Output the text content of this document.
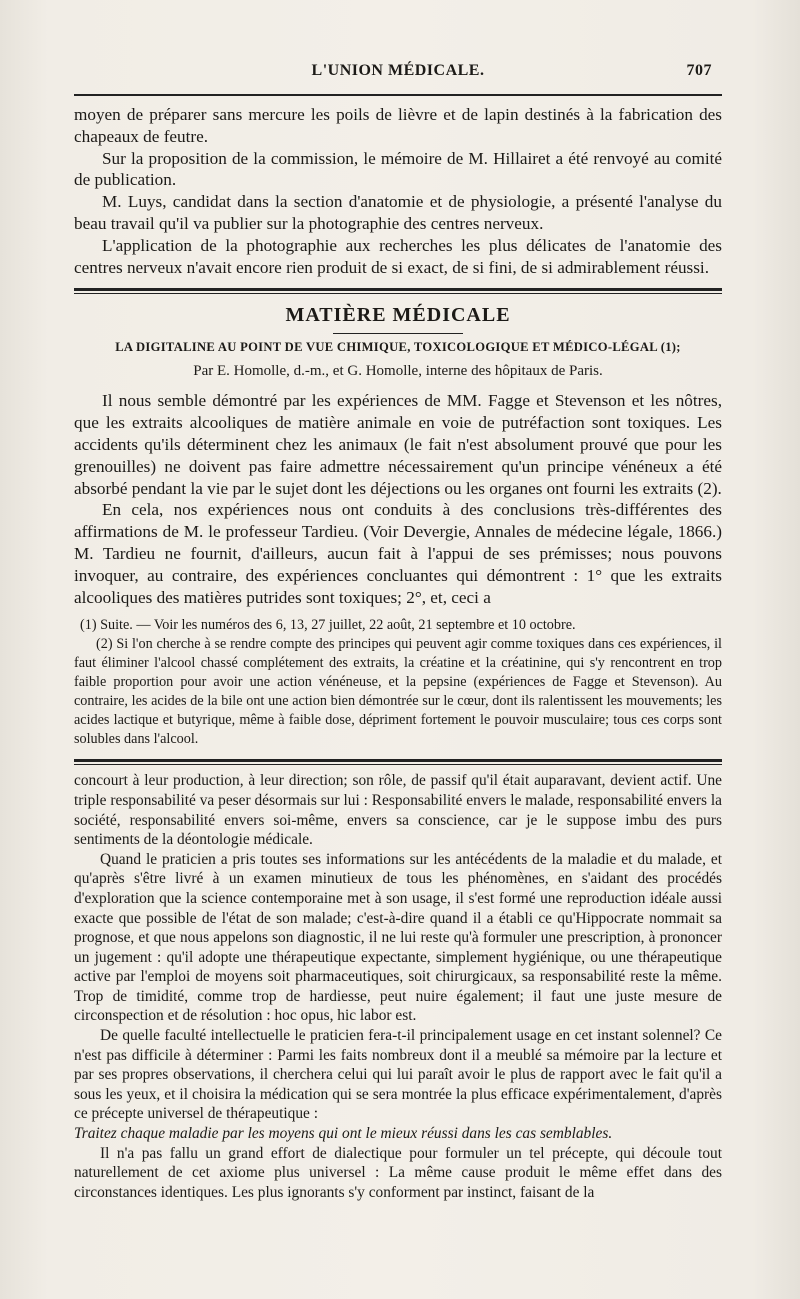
L'UNION MÉDICALE.	707

moyen de préparer sans mercure les poils de lièvre et de lapin destinés à la fabrication des chapeaux de feutre.

Sur la proposition de la commission, le mémoire de M. Hillairet a été renvoyé au comité de publication.

M. Luys, candidat dans la section d'anatomie et de physiologie, a présenté l'analyse du beau travail qu'il va publier sur la photographie des centres nerveux.

L'application de la photographie aux recherches les plus délicates de l'anatomie des centres nerveux n'avait encore rien produit de si exact, de si fini, de si admirablement réussi.

MATIÈRE MÉDICALE
LA DIGITALINE AU POINT DE VUE CHIMIQUE, TOXICOLOGIQUE ET MÉDICO-LÉGAL (1);
Par E. Homolle, d.-m., et G. Homolle, interne des hôpitaux de Paris.

Il nous semble démontré par les expériences de MM. Fagge et Stevenson et les nôtres, que les extraits alcooliques de matière animale en voie de putréfaction sont toxiques. Les accidents qu'ils déterminent chez les animaux (le fait n'est absolument prouvé que pour les grenouilles) ne doivent pas faire admettre nécessairement qu'un principe vénéneux a été absorbé pendant la vie par le sujet dont les déjections ou les organes ont fourni les extraits (2).

En cela, nos expériences nous ont conduits à des conclusions très-différentes des affirmations de M. le professeur Tardieu. (Voir Devergie, Annales de médecine légale, 1866.) M. Tardieu ne fournit, d'ailleurs, aucun fait à l'appui de ses prémisses; nous pouvons invoquer, au contraire, des expériences concluantes qui démontrent : 1° que les extraits alcooliques des matières putrides sont toxiques; 2°, et, ceci a

(1) Suite. — Voir les numéros des 6, 13, 27 juillet, 22 août, 21 septembre et 10 octobre.

(2) Si l'on cherche à se rendre compte des principes qui peuvent agir comme toxiques dans ces expériences, il faut éliminer l'alcool chassé complétement des extraits, la créatine et la créatinine, qui s'y rencontrent en trop faible proportion pour avoir une action vénéneuse, et la pepsine (expériences de Fagge et Stevenson). Au contraire, les acides de la bile ont une action bien démontrée sur le cœur, dont ils ralentissent les mouvements; les acides lactique et butyrique, même à faible dose, dépriment fortement le pouvoir musculaire; tous ces corps sont solubles dans l'alcool.

concourt à leur production, à leur direction; son rôle, de passif qu'il était auparavant, devient actif. Une triple responsabilité va peser désormais sur lui : Responsabilité envers le malade, responsabilité envers la société, responsabilité envers soi-même, envers sa conscience, car je le suppose imbu des purs sentiments de la déontologie médicale.

Quand le praticien a pris toutes ses informations sur les antécédents de la maladie et du malade, et qu'après s'être livré à un examen minutieux de tous les phénomènes, en s'aidant des procédés d'exploration que la science contemporaine met à son usage, il s'est formé une reproduction idéale aussi exacte que possible de l'état de son malade; c'est-à-dire quand il a établi ce qu'Hippocrate nommait sa prognose, et que nous appelons son diagnostic, il ne lui reste qu'à formuler une prescription, à prononcer un jugement : qu'il adopte une thérapeutique expectante, simplement hygiénique, ou une thérapeutique active par l'emploi de moyens soit pharmaceutiques, soit chirurgicaux, sa responsabilité reste la même. Trop de timidité, comme trop de hardiesse, peut nuire également; il faut une juste mesure de circonspection et de résolution : hoc opus, hic labor est.

De quelle faculté intellectuelle le praticien fera-t-il principalement usage en cet instant solennel? Ce n'est pas difficile à déterminer : Parmi les faits nombreux dont il a meublé sa mémoire par la lecture et par ses propres observations, il cherchera celui qui lui paraît avoir le plus de rapport avec le fait qu'il a sous les yeux, et il choisira la médication qui se sera montrée la plus efficace expérimentalement, d'après ce précepte universel de thérapeutique :

Traitez chaque maladie par les moyens qui ont le mieux réussi dans les cas semblables.

Il n'a pas fallu un grand effort de dialectique pour formuler un tel précepte, qui découle tout naturellement de cet axiome plus universel : La même cause produit le même effet dans des circonstances identiques. Les plus ignorants s'y conforment par instinct, faisant de la
